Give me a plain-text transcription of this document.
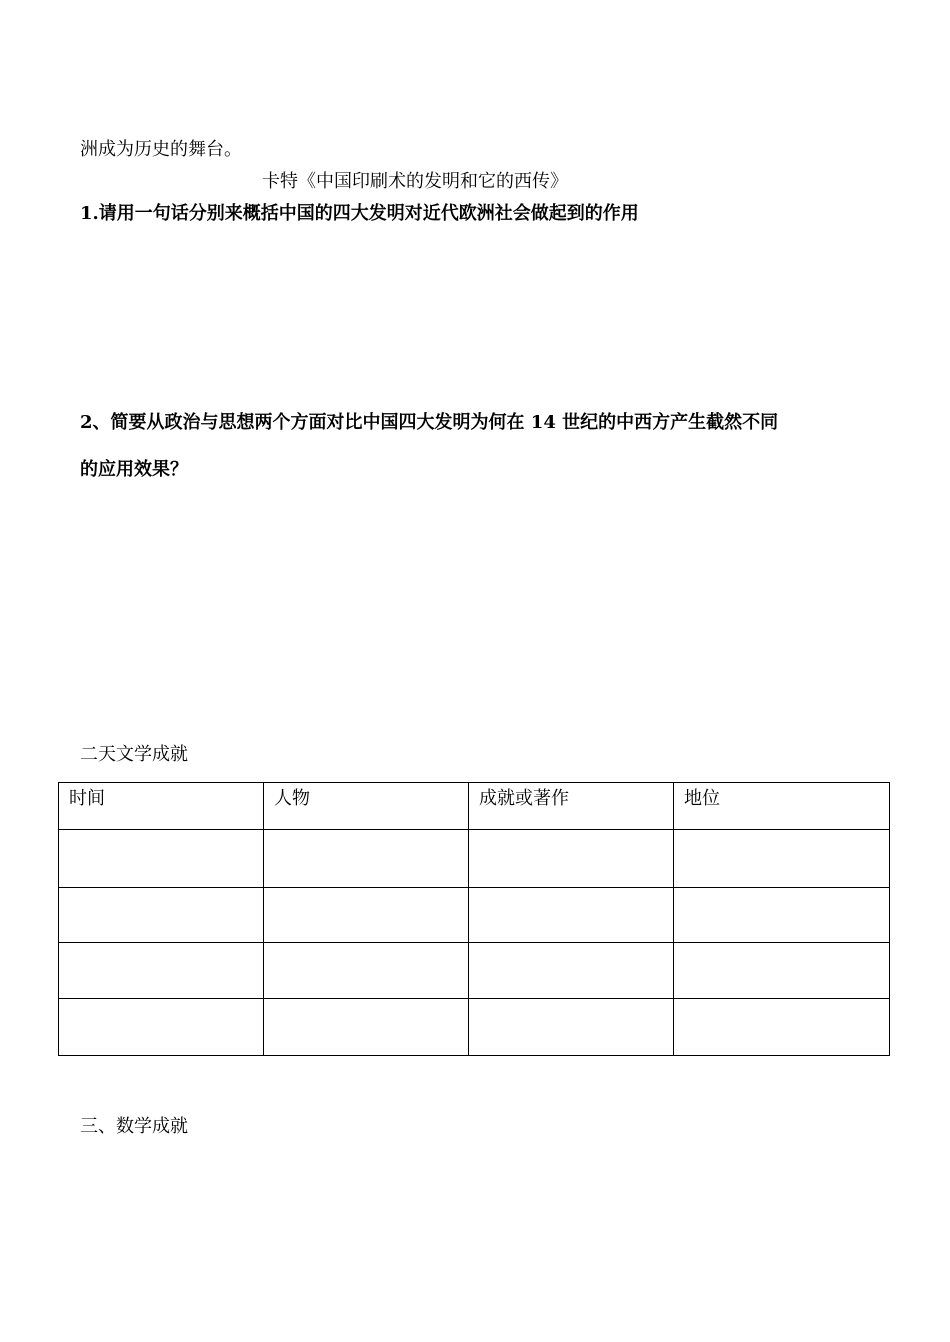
洲成为历史的舞台。
卡特《中国印刷术的发明和它的西传》
1.请用一句话分别来概括中国的四大发明对近代欧洲社会做起到的作用
2、简要从政治与思想两个方面对比中国四大发明为何在 14 世纪的中西方产生截然不同
的应用效果？
二天文学成就
时间	人物	成就或著作	地位

三、数学成就
